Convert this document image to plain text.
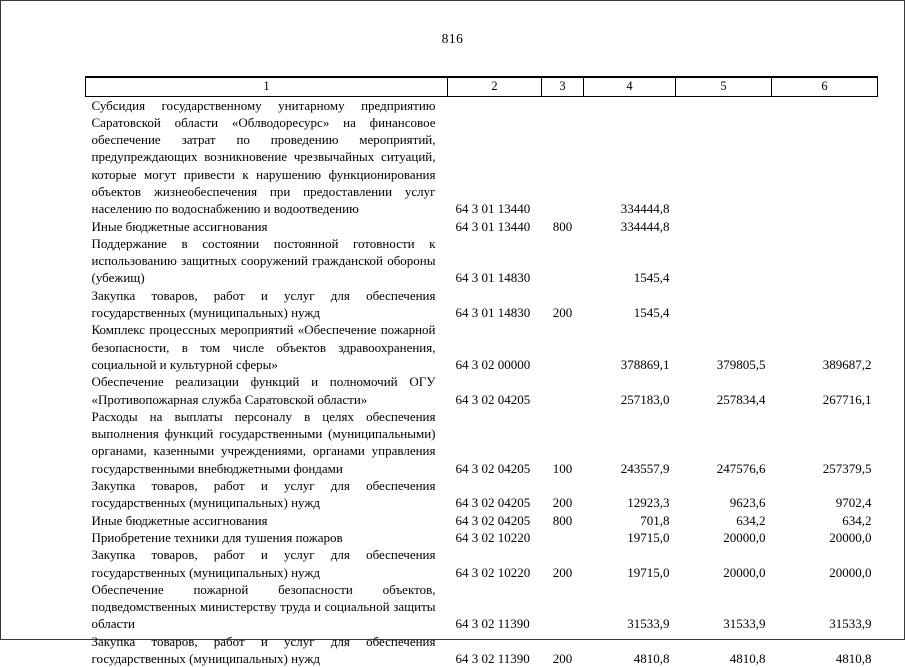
816
1	2	3	4	5	6
Субсидия государственному унитарному предприятию Саратовской области «Облводоресурс» на финансовое обеспечение затрат по проведению мероприятий, предупреждающих возникновение чрезвычайных ситуаций, которые могут привести к нарушению функционирования объектов жизнеобеспечения при предоставлении услуг населению по водоснабжению и водоотведению	64 3 01 13440		334444,8		
Иные бюджетные ассигнования	64 3 01 13440	800	334444,8		
Поддержание в состоянии постоянной готовности к использованию защитных сооружений гражданской обороны (убежищ)	64 3 01 14830		1545,4		
Закупка товаров, работ и услуг для обеспечения государственных (муниципальных) нужд	64 3 01 14830	200	1545,4		
Комплекс процессных мероприятий «Обеспечение пожарной безопасности, в том числе объектов здравоохранения, социальной и культурной сферы»	64 3 02 00000		378869,1	379805,5	389687,2
Обеспечение реализации функций и полномочий ОГУ «Противопожарная служба Саратовской области»	64 3 02 04205		257183,0	257834,4	267716,1
Расходы на выплаты персоналу в целях обеспечения выполнения функций государственными (муниципальными) органами, казенными учреждениями, органами управления государственными внебюджетными фондами	64 3 02 04205	100	243557,9	247576,6	257379,5
Закупка товаров, работ и услуг для обеспечения государственных (муниципальных) нужд	64 3 02 04205	200	12923,3	9623,6	9702,4
Иные бюджетные ассигнования	64 3 02 04205	800	701,8	634,2	634,2
Приобретение техники для тушения пожаров	64 3 02 10220		19715,0	20000,0	20000,0
Закупка товаров, работ и услуг для обеспечения государственных (муниципальных) нужд	64 3 02 10220	200	19715,0	20000,0	20000,0
Обеспечение пожарной безопасности объектов, подведомственных министерству труда и социальной защиты области	64 3 02 11390		31533,9	31533,9	31533,9
Закупка товаров, работ и услуг для обеспечения государственных (муниципальных) нужд	64 3 02 11390	200	4810,8	4810,8	4810,8
